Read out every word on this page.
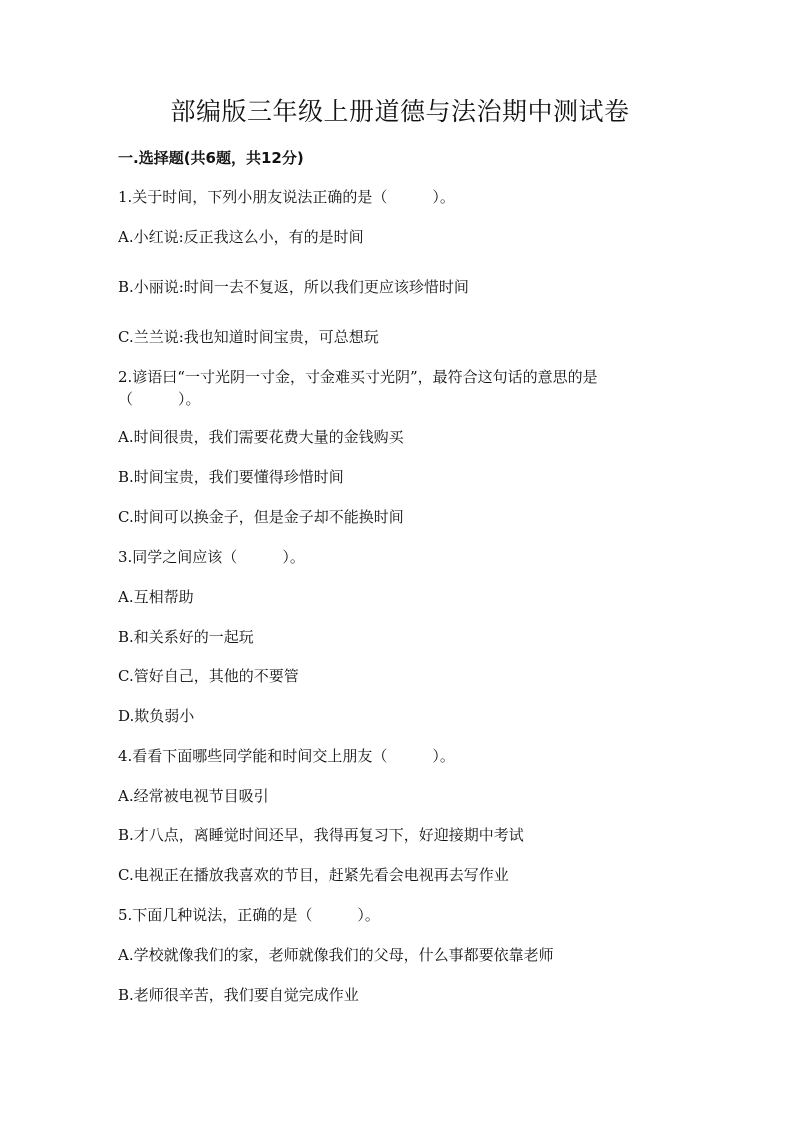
部编版三年级上册道德与法治期中测试卷
一.选择题(共6题，共12分)
1.关于时间，下列小朋友说法正确的是（　　　）。
A.小红说:反正我这么小，有的是时间
B.小丽说:时间一去不复返，所以我们更应该珍惜时间
C.兰兰说:我也知道时间宝贵，可总想玩
2.谚语曰“一寸光阴一寸金，寸金难买寸光阴”，最符合这句话的意思的是（　　　）。
A.时间很贵，我们需要花费大量的金钱购买
B.时间宝贵，我们要懂得珍惜时间
C.时间可以换金子，但是金子却不能换时间
3.同学之间应该（　　　）。
A.互相帮助
B.和关系好的一起玩
C.管好自己，其他的不要管
D.欺负弱小
4.看看下面哪些同学能和时间交上朋友（　　　）。
A.经常被电视节目吸引
B.才八点，离睡觉时间还早，我得再复习下，好迎接期中考试
C.电视正在播放我喜欢的节目，赶紧先看会电视再去写作业
5.下面几种说法，正确的是（　　　）。
A.学校就像我们的家，老师就像我们的父母，什么事都要依靠老师
B.老师很辛苦，我们要自觉完成作业
